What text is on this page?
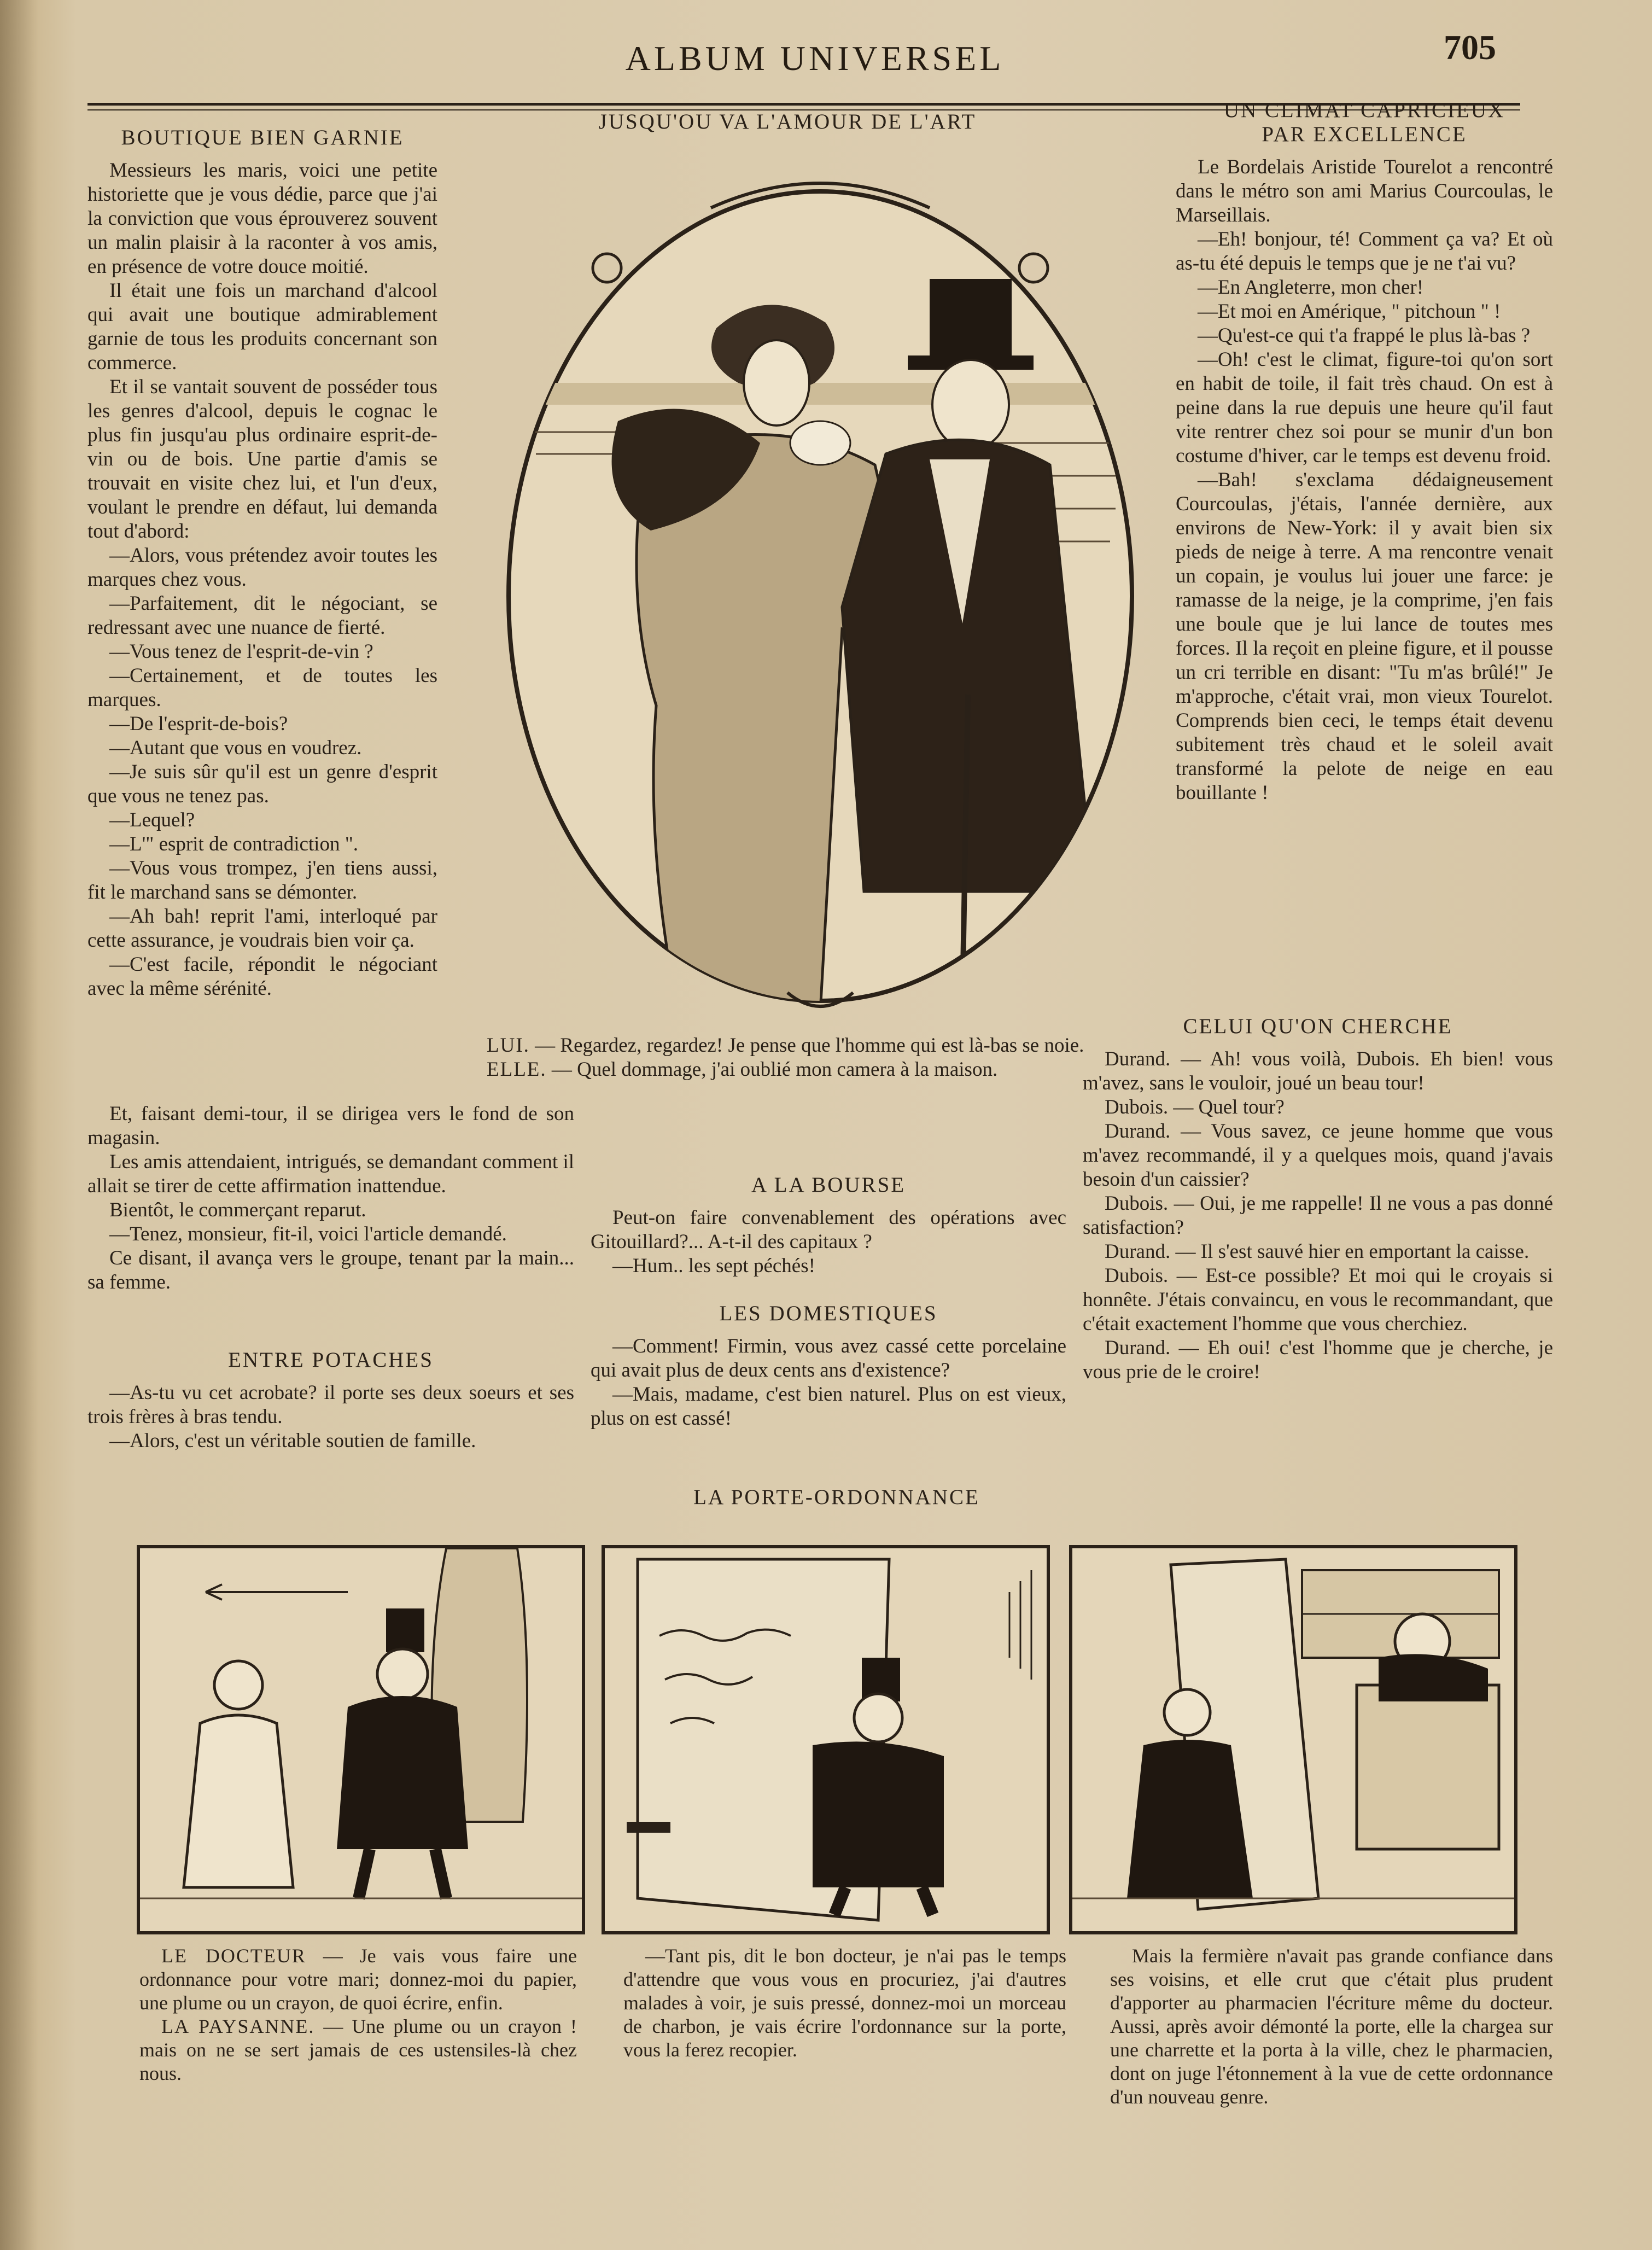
ALBUM UNIVERSEL	705
BOUTIQUE BIEN GARNIE

Messieurs les maris, voici une petite historiette que je vous dédie, parce que j'ai la conviction que vous éprouverez souvent un malin plaisir à la raconter à vos amis, en présence de votre douce moitié.

Il était une fois un marchand d'alcool qui avait une boutique admirablement garnie de tous les produits concernant son commerce.

Et il se vantait souvent de posséder tous les genres d'alcool, depuis le cognac le plus fin jusqu'au plus ordinaire esprit-de-vin ou de bois. Une partie d'amis se trouvait en visite chez lui, et l'un d'eux, voulant le prendre en défaut, lui demanda tout d'abord:

—Alors, vous prétendez avoir toutes les marques chez vous.

—Parfaitement, dit le négociant, se redressant avec une nuance de fierté.

—Vous tenez de l'esprit-de-vin ?

—Certainement, et de toutes les marques.

—De l'esprit-de-bois?

—Autant que vous en voudrez.

—Je suis sûr qu'il est un genre d'esprit que vous ne tenez pas.

—Lequel?

—L'" esprit de contradiction ".

—Vous vous trompez, j'en tiens aussi, fit le marchand sans se démonter.

—Ah bah! reprit l'ami, interloqué par cette assurance, je voudrais bien voir ça.

—C'est facile, répondit le négociant avec la même sérénité.

Et, faisant demi-tour, il se dirigea vers le fond de son magasin.

Les amis attendaient, intrigués, se demandant comment il allait se tirer de cette affirmation inattendue.

Bientôt, le commerçant reparut.

—Tenez, monsieur, fit-il, voici l'article demandé.

Ce disant, il avança vers le groupe, tenant par la main... sa femme.

ENTRE POTACHES

—As-tu vu cet acrobate? il porte ses deux soeurs et ses trois frères à bras tendu.

—Alors, c'est un véritable soutien de famille.

JUSQU'OU VA L'AMOUR DE L'ART
LUI. — Regardez, regardez! Je pense que l'homme qui est là-bas se noie.
ELLE. — Quel dommage, j'ai oublié mon camera à la maison.
A LA BOURSE

Peut-on faire convenablement des opérations avec Gitouillard?... A-t-il des capitaux ?

—Hum.. les sept péchés!

LES DOMESTIQUES

—Comment! Firmin, vous avez cassé cette porcelaine qui avait plus de deux cents ans d'existence?

—Mais, madame, c'est bien naturel. Plus on est vieux, plus on est cassé!

UN CLIMAT CAPRICIEUX
PAR EXCELLENCE

Le Bordelais Aristide Tourelot a rencontré dans le métro son ami Marius Courcoulas, le Marseillais.

—Eh! bonjour, té! Comment ça va? Et où as-tu été depuis le temps que je ne t'ai vu?

—En Angleterre, mon cher!

—Et moi en Amérique, " pitchoun " !

—Qu'est-ce qui t'a frappé le plus là-bas ?

—Oh! c'est le climat, figure-toi qu'on sort en habit de toile, il fait très chaud. On est à peine dans la rue depuis une heure qu'il faut vite rentrer chez soi pour se munir d'un bon costume d'hiver, car le temps est devenu froid.

—Bah! s'exclama dédaigneusement Courcoulas, j'étais, l'année dernière, aux environs de New-York: il y avait bien six pieds de neige à terre. A ma rencontre venait un copain, je voulus lui jouer une farce: je ramasse de la neige, je la comprime, j'en fais une boule que je lui lance de toutes mes forces. Il la reçoit en pleine figure, et il pousse un cri terrible en disant: "Tu m'as brûlé!" Je m'approche, c'était vrai, mon vieux Tourelot. Comprends bien ceci, le temps était devenu subitement très chaud et le soleil avait transformé la pelote de neige en eau bouillante !

CELUI QU'ON CHERCHE

Durand. — Ah! vous voilà, Dubois. Eh bien! vous m'avez, sans le vouloir, joué un beau tour!

Dubois. — Quel tour?

Durand. — Vous savez, ce jeune homme que vous m'avez recommandé, il y a quelques mois, quand j'avais besoin d'un caissier?

Dubois. — Oui, je me rappelle! Il ne vous a pas donné satisfaction?

Durand. — Il s'est sauvé hier en emportant la caisse.

Dubois. — Est-ce possible? Et moi qui le croyais si honnête. J'étais convaincu, en vous le recommandant, que c'était exactement l'homme que vous cherchiez.

Durand. — Eh oui! c'est l'homme que je cherche, je vous prie de le croire!

LA PORTE-ORDONNANCE

LE DOCTEUR — Je vais vous faire une ordonnance pour votre mari; donnez-moi du papier, une plume ou un crayon, de quoi écrire, enfin.

LA PAYSANNE. — Une plume ou un crayon ! mais on ne se sert jamais de ces ustensiles-là chez nous.

—Tant pis, dit le bon docteur, je n'ai pas le temps d'attendre que vous vous en procuriez, j'ai d'autres malades à voir, je suis pressé, donnez-moi un morceau de charbon, je vais écrire l'ordonnance sur la porte, vous la ferez recopier.

Mais la fermière n'avait pas grande confiance dans ses voisins, et elle crut que c'était plus prudent d'apporter au pharmacien l'écriture même du docteur. Aussi, après avoir démonté la porte, elle la chargea sur une charrette et la porta à la ville, chez le pharmacien, dont on juge l'étonnement à la vue de cette ordonnance d'un nouveau genre.
